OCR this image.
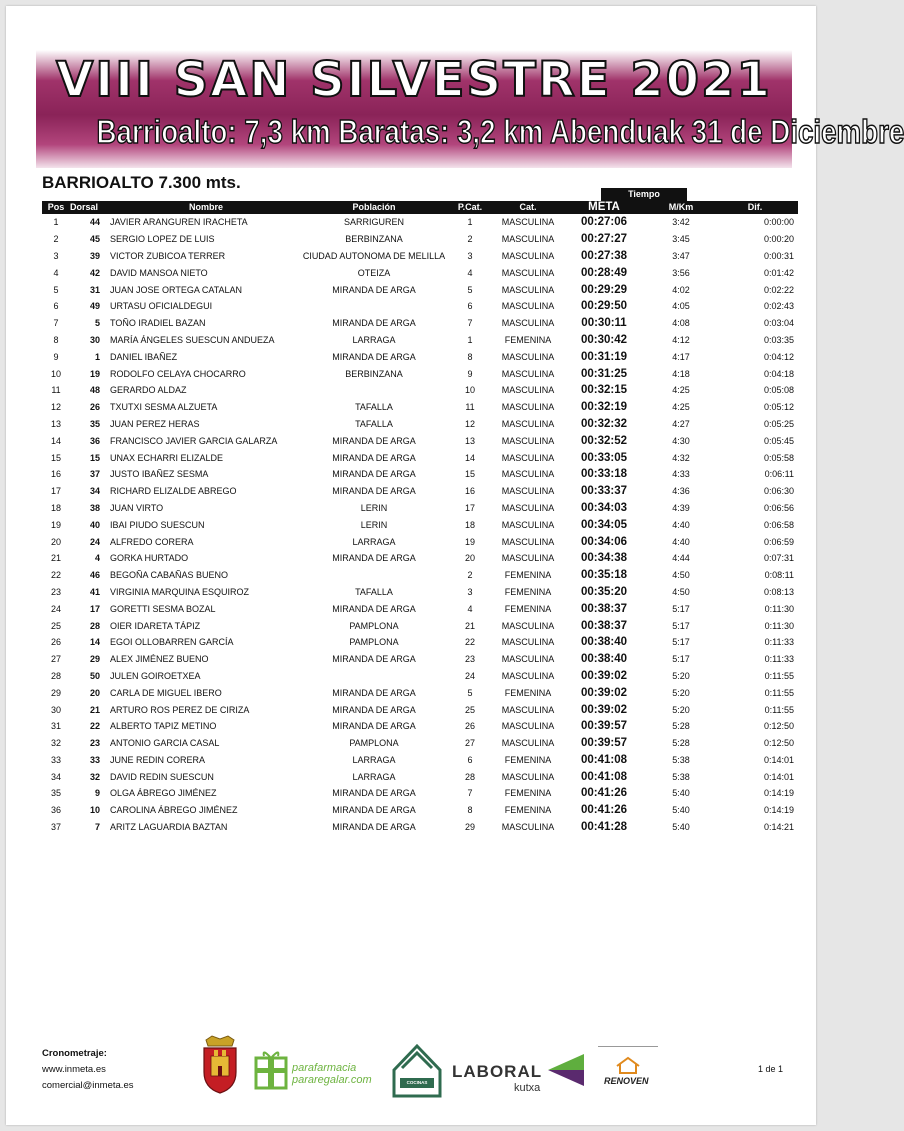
VIII SAN SILVESTRE 2021
Barrioalto: 7,3 km Baratas: 3,2 km Abenduak 31 de Diciembre
BARRIOALTO 7.300 mts.
Tiempo
Pos	Dorsal	Nombre	Población	P.Cat.	Cat.	META	M/Km	Dif.
1	44	JAVIER ARANGUREN IRACHETA	SARRIGUREN	1	MASCULINA	00:27:06	3:42	0:00:00
2	45	SERGIO LOPEZ DE LUIS	BERBINZANA	2	MASCULINA	00:27:27	3:45	0:00:20
3	39	VICTOR ZUBICOA TERRER	CIUDAD AUTONOMA DE MELILLA	3	MASCULINA	00:27:38	3:47	0:00:31
4	42	DAVID MANSOA NIETO	OTEIZA	4	MASCULINA	00:28:49	3:56	0:01:42
5	31	JUAN JOSE ORTEGA CATALAN	MIRANDA DE ARGA	5	MASCULINA	00:29:29	4:02	0:02:22
6	49	URTASU OFICIALDEGUI		6	MASCULINA	00:29:50	4:05	0:02:43
7	5	TOÑO IRADIEL BAZAN	MIRANDA DE ARGA	7	MASCULINA	00:30:11	4:08	0:03:04
8	30	MARÍA ÁNGELES SUESCUN ANDUEZA	LARRAGA	1	FEMENINA	00:30:42	4:12	0:03:35
9	1	DANIEL IBAÑEZ	MIRANDA DE ARGA	8	MASCULINA	00:31:19	4:17	0:04:12
10	19	RODOLFO CELAYA CHOCARRO	BERBINZANA	9	MASCULINA	00:31:25	4:18	0:04:18
11	48	GERARDO ALDAZ		10	MASCULINA	00:32:15	4:25	0:05:08
12	26	TXUTXI SESMA ALZUETA	TAFALLA	11	MASCULINA	00:32:19	4:25	0:05:12
13	35	JUAN PEREZ HERAS	TAFALLA	12	MASCULINA	00:32:32	4:27	0:05:25
14	36	FRANCISCO JAVIER GARCIA GALARZA	MIRANDA DE ARGA	13	MASCULINA	00:32:52	4:30	0:05:45
15	15	UNAX ECHARRI ELIZALDE	MIRANDA DE ARGA	14	MASCULINA	00:33:05	4:32	0:05:58
16	37	JUSTO IBAÑEZ SESMA	MIRANDA DE ARGA	15	MASCULINA	00:33:18	4:33	0:06:11
17	34	RICHARD ELIZALDE ABREGO	MIRANDA DE ARGA	16	MASCULINA	00:33:37	4:36	0:06:30
18	38	JUAN VIRTO	LERIN	17	MASCULINA	00:34:03	4:39	0:06:56
19	40	IBAI PIUDO SUESCUN	LERIN	18	MASCULINA	00:34:05	4:40	0:06:58
20	24	ALFREDO CORERA	LARRAGA	19	MASCULINA	00:34:06	4:40	0:06:59
21	4	GORKA HURTADO	MIRANDA DE ARGA	20	MASCULINA	00:34:38	4:44	0:07:31
22	46	BEGOÑA CABAÑAS BUENO		2	FEMENINA	00:35:18	4:50	0:08:11
23	41	VIRGINIA MARQUINA ESQUIROZ	TAFALLA	3	FEMENINA	00:35:20	4:50	0:08:13
24	17	GORETTI SESMA BOZAL	MIRANDA DE ARGA	4	FEMENINA	00:38:37	5:17	0:11:30
25	28	OIER IDARETA TÁPIZ	PAMPLONA	21	MASCULINA	00:38:37	5:17	0:11:30
26	14	EGOI OLLOBARREN GARCÍA	PAMPLONA	22	MASCULINA	00:38:40	5:17	0:11:33
27	29	ALEX JIMÉNEZ BUENO	MIRANDA DE ARGA	23	MASCULINA	00:38:40	5:17	0:11:33
28	50	JULEN GOIROETXEA		24	MASCULINA	00:39:02	5:20	0:11:55
29	20	CARLA DE MIGUEL IBERO	MIRANDA DE ARGA	5	FEMENINA	00:39:02	5:20	0:11:55
30	21	ARTURO ROS PEREZ DE CIRIZA	MIRANDA DE ARGA	25	MASCULINA	00:39:02	5:20	0:11:55
31	22	ALBERTO TAPIZ METINO	MIRANDA DE ARGA	26	MASCULINA	00:39:57	5:28	0:12:50
32	23	ANTONIO GARCIA CASAL	PAMPLONA	27	MASCULINA	00:39:57	5:28	0:12:50
33	33	JUNE REDIN CORERA	LARRAGA	6	FEMENINA	00:41:08	5:38	0:14:01
34	32	DAVID REDIN SUESCUN	LARRAGA	28	MASCULINA	00:41:08	5:38	0:14:01
35	9	OLGA ÁBREGO JIMÉNEZ	MIRANDA DE ARGA	7	FEMENINA	00:41:26	5:40	0:14:19
36	10	CAROLINA ÁBREGO JIMÉNEZ	MIRANDA DE ARGA	8	FEMENINA	00:41:26	5:40	0:14:19
37	7	ARITZ LAGUARDIA BAZTAN	MIRANDA DE ARGA	29	MASCULINA	00:41:28	5:40	0:14:21
Cronometraje:
www.inmeta.es
comercial@inmeta.es
parafarmacia
pararegalar.com	COCINAS JOMA
LABORAL
kutxa
RENOVEN
1 de 1
